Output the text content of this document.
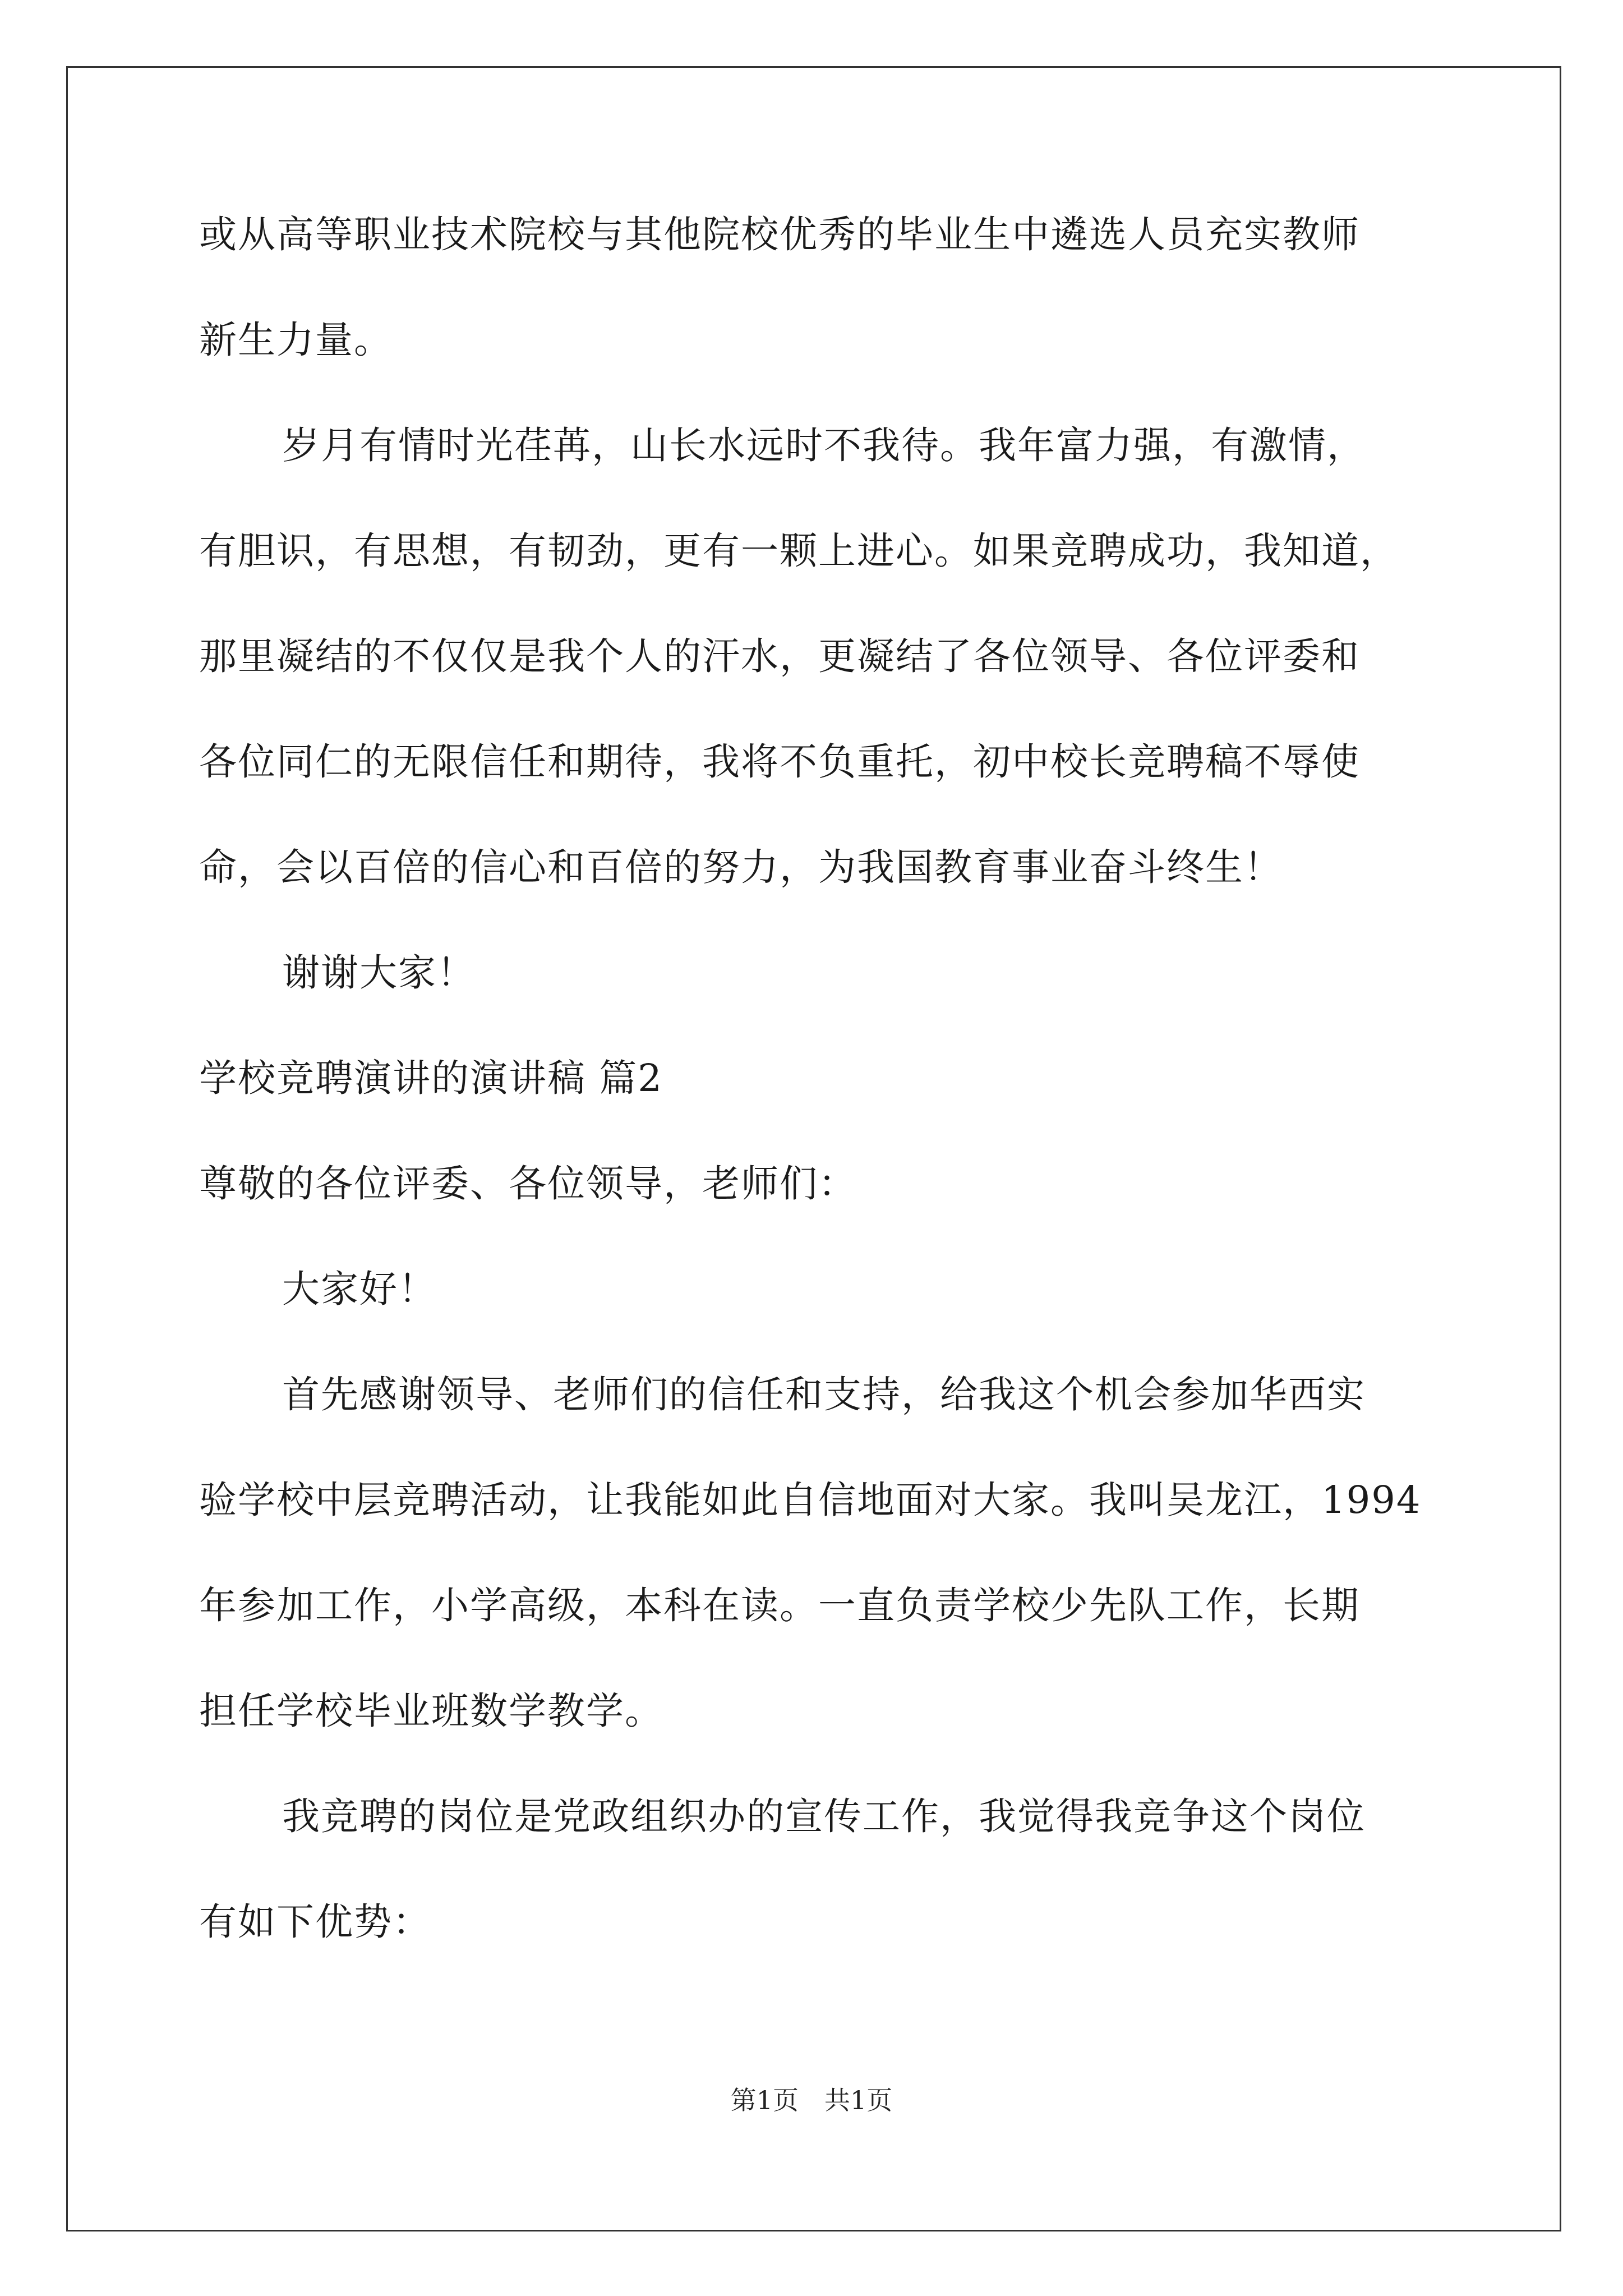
或从高等职业技术院校与其他院校优秀的毕业生中遴选人员充实教师
新生力量。
岁月有情时光荏苒，山长水远时不我待。我年富力强，有激情，
有胆识，有思想，有韧劲，更有一颗上进心。如果竞聘成功，我知道，
那里凝结的不仅仅是我个人的汗水，更凝结了各位领导、各位评委和
各位同仁的无限信任和期待，我将不负重托，初中校长竞聘稿不辱使
命，会以百倍的信心和百倍的努力，为我国教育事业奋斗终生！
谢谢大家！
学校竞聘演讲的演讲稿 篇2
尊敬的各位评委、各位领导，老师们：
大家好！
首先感谢领导、老师们的信任和支持，给我这个机会参加华西实
验学校中层竞聘活动，让我能如此自信地面对大家。我叫吴龙江，1994
年参加工作，小学高级，本科在读。一直负责学校少先队工作，长期
担任学校毕业班数学教学。
我竞聘的岗位是党政组织办的宣传工作，我觉得我竞争这个岗位
有如下优势：
第1页　共1页
